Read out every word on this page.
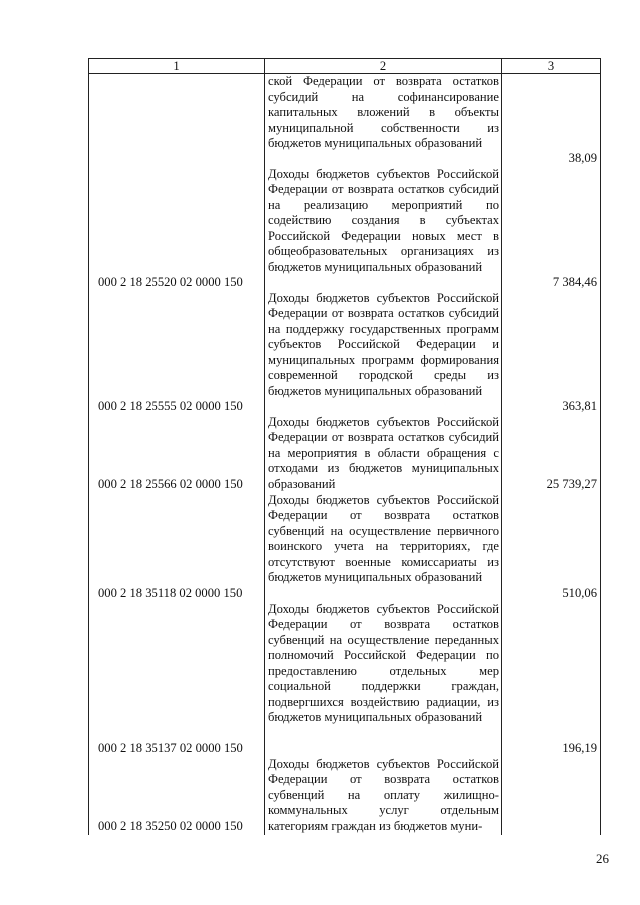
1	2	3

	ской Федерации от возврата остатков субсидий на софинансирование капитальных вложений в объекты муниципальной собственности из бюджетов муниципальных образований	38,09

000 2 18 25520 02 0000 150	Доходы бюджетов субъектов Российской Федерации от возврата остатков субсидий на реализацию мероприятий по содействию создания в субъектах Российской Федерации новых мест в общеобразовательных организациях из бюджетов муниципальных образований	7 384,46

000 2 18 25555 02 0000 150	Доходы бюджетов субъектов Российской Федерации от возврата остатков субсидий на поддержку государственных программ субъектов Российской Федерации и муниципальных программ формирования современной городской среды из бюджетов муниципальных образований	363,81

000 2 18 25566 02 0000 150	Доходы бюджетов субъектов Российской Федерации от возврата остатков субсидий на мероприятия в области обращения с отходами из бюджетов муниципальных образований	25 739,27

000 2 18 35118 02 0000 150	Доходы бюджетов субъектов Российской Федерации от возврата остатков субвенций на осуществление первичного воинского учета на территориях, где отсутствуют военные комиссариаты из бюджетов муниципальных образований	510,06

000 2 18 35137 02 0000 150	Доходы бюджетов субъектов Российской Федерации от возврата остатков субвенций на осуществление переданных полномочий Российской Федерации по предоставлению отдельных мер социальной поддержки граждан, подвергшихся воздействию радиации, из бюджетов муниципальных образований	196,19

000 2 18 35250 02 0000 150	Доходы бюджетов субъектов Российской Федерации от возврата остатков субвенций на оплату жилищно-коммунальных услуг отдельным категориям граждан из бюджетов муни-	
26
